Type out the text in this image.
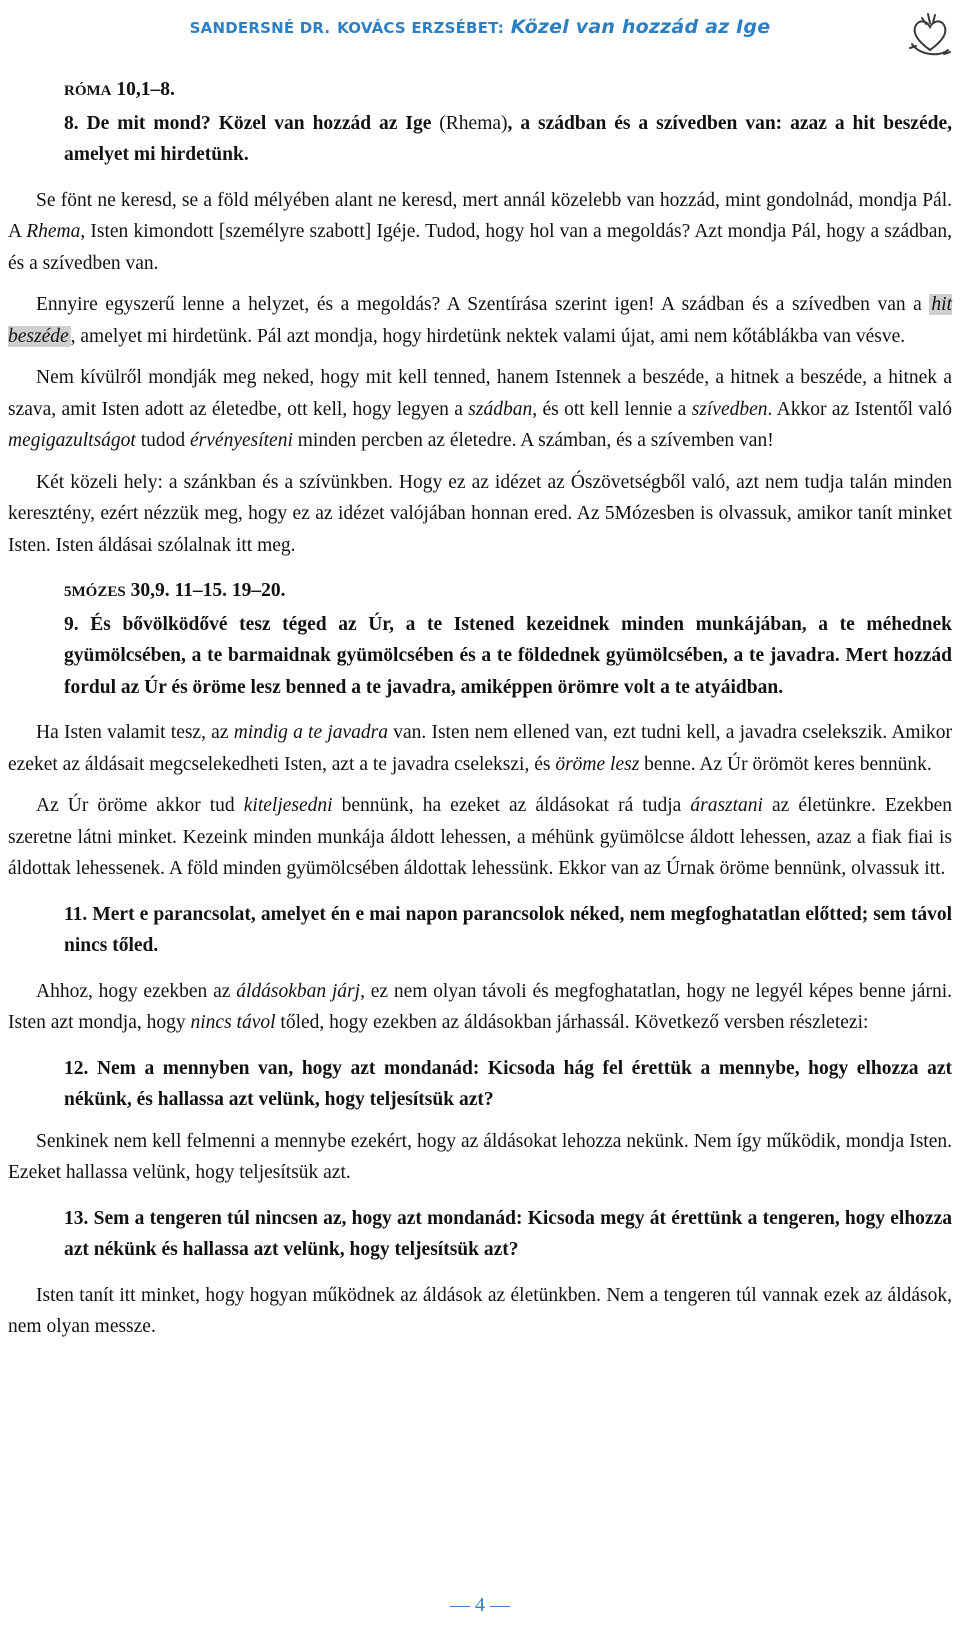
SANDERSNÉ DR. KOVÁCS ERZSÉBET: Közel van hozzád az Ige

RÓMA 10,1–8.

8. De mit mond? Közel van hozzád az Ige (Rhema), a szádban és a szívedben van: azaz a hit beszéde, amelyet mi hirdetünk.

Se fönt ne keresd, se a föld mélyében alant ne keresd, mert annál közelebb van hozzád, mint gondolnád, mondja Pál. A Rhema, Isten kimondott [személyre szabott] Igéje. Tudod, hogy hol van a megoldás? Azt mondja Pál, hogy a szádban, és a szívedben van.

Ennyire egyszerű lenne a helyzet, és a megoldás? A Szentírása szerint igen! A szádban és a szívedben van a hit beszéde , amelyet mi hirdetünk. Pál azt mondja, hogy hirdetünk nektek valami újat, ami nem kőtáblákba van vésve.

Nem kívülről mondják meg neked, hogy mit kell tenned, hanem Istennek a beszéde, a hitnek a beszéde, a hitnek a szava, amit Isten adott az életedbe, ott kell, hogy legyen a szádban, és ott kell lennie a szívedben. Akkor az Istentől való megigazultságot tudod érvényesíteni minden percben az életedre. A számban, és a szívemben van!

Két közeli hely: a szánkban és a szívünkben. Hogy ez az idézet az Ószövetségből való, azt nem tudja talán minden keresztény, ezért nézzük meg, hogy ez az idézet valójában honnan ered. Az 5Mózesben is olvassuk, amikor tanít minket Isten. Isten áldásai szólalnak itt meg.

5MÓZES 30,9. 11–15. 19–20.

9. És bővölködővé tesz téged az Úr, a te Istened kezeidnek minden munkájában, a te méhednek gyümölcsében, a te barmaidnak gyümölcsében és a te földednek gyümölcsében, a te javadra. Mert hozzád fordul az Úr és öröme lesz benned a te javadra, amiképpen örömre volt a te atyáidban.

Ha Isten valamit tesz, az mindig a te javadra van. Isten nem ellened van, ezt tudni kell, a javadra cselekszik. Amikor ezeket az áldásait megcselekedheti Isten, azt a te javadra cselekszi, és öröme lesz benne. Az Úr örömöt keres bennünk.

Az Úr öröme akkor tud kiteljesedni bennünk, ha ezeket az áldásokat rá tudja árasztani az életünkre. Ezekben szeretne látni minket. Kezeink minden munkája áldott lehessen, a méhünk gyümölcse áldott lehessen, azaz a fiak fiai is áldottak lehessenek. A föld minden gyümölcsében áldottak lehessünk. Ekkor van az Úrnak öröme bennünk, olvassuk itt.

11. Mert e parancsolat, amelyet én e mai napon parancsolok néked, nem megfoghatatlan előtted; sem távol nincs tőled.

Ahhoz, hogy ezekben az áldásokban járj, ez nem olyan távoli és megfoghatatlan, hogy ne legyél képes benne járni. Isten azt mondja, hogy nincs távol tőled, hogy ezekben az áldásokban járhassál. Következő versben részletezi:

12. Nem a mennyben van, hogy azt mondanád: Kicsoda hág fel érettük a mennybe, hogy elhozza azt nékünk, és hallassa azt velünk, hogy teljesítsük azt?

Senkinek nem kell felmenni a mennybe ezekért, hogy az áldásokat lehozza nekünk. Nem így működik, mondja Isten. Ezeket hallassa velünk, hogy teljesítsük azt.

13. Sem a tengeren túl nincsen az, hogy azt mondanád: Kicsoda megy át érettünk a tengeren, hogy elhozza azt nékünk és hallassa azt velünk, hogy teljesítsük azt?

Isten tanít itt minket, hogy hogyan működnek az áldások az életünkben. Nem a tengeren túl vannak ezek az áldások, nem olyan messze.

— 4 —
